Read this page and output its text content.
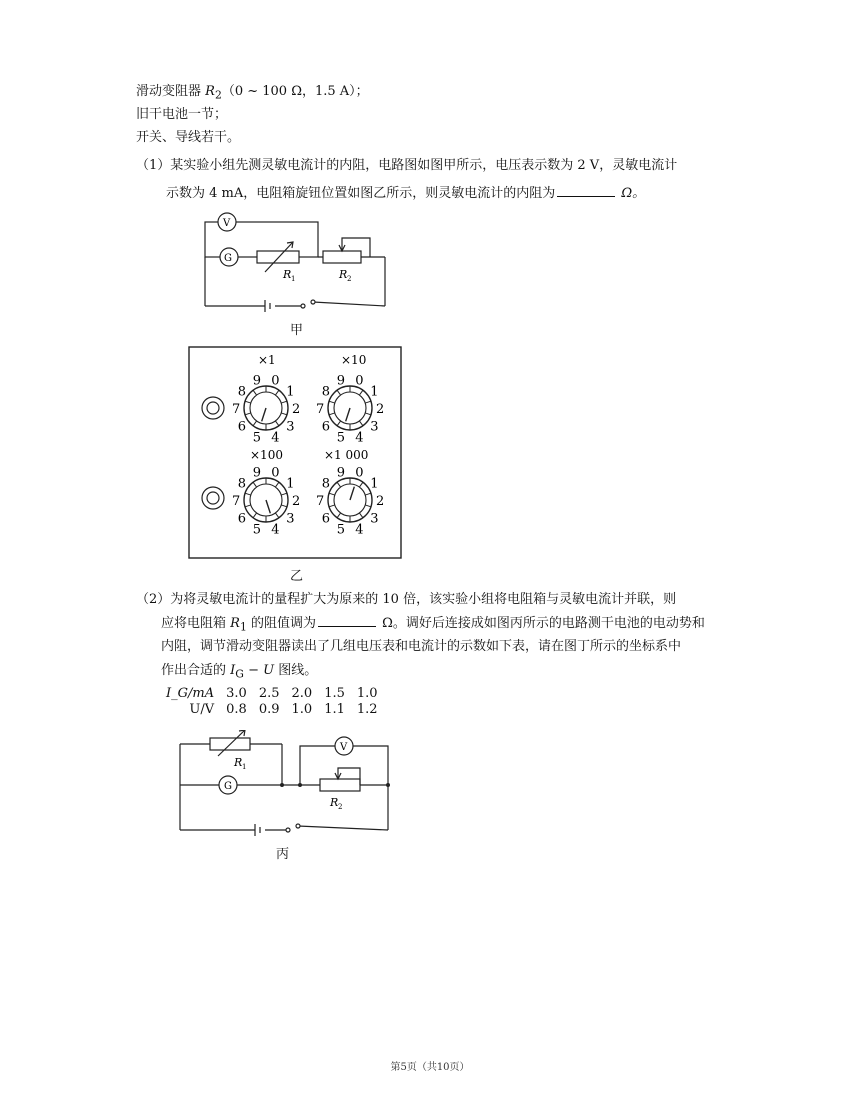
滑动变阻器 $R_2(0$ ~ 100 Ω，1.5 A）；
旧干电池一节；
开关、导线若干。
（1）某实验小组先测灵敏电流计的内阻，电路图如图甲所示，电压表示数为 2 V，灵敏电流计
示数为 4 mA，电阻箱旋钮位置如图乙所示，则灵敏电流计的内阻为	Ω。
V
G
R 1	R 2
甲
0
1
2
3
4
5
6
7
8
9	0
1
2
3
4
5
6
7
8
9
0
1
2
3
4
5
6
7
8
9	0
1
2
3
4
5
6
7
8
9
×1	×10
×100	×1 000
乙
（2）为将灵敏电流计的量程扩大为原来的 10 倍，该实验小组将电阻箱与灵敏电流计并联，则
应将电阻箱 $R_1$ 的阻值调为	Ω。调好后连接成如图丙所示的电路测干电池的电动势和
内阻，调节滑动变阻器读出了几组电压表和电流计的示数如下表，请在图丁所示的坐标系中
作出合适的 $I_G - U$ 图线。
I_G/mA	3.0	2.5	2.0	1.5	1.0
U/V	0.8	0.9	1.0	1.1	1.2
G
V
R 1
R 2
丙
第5页（共10页）
